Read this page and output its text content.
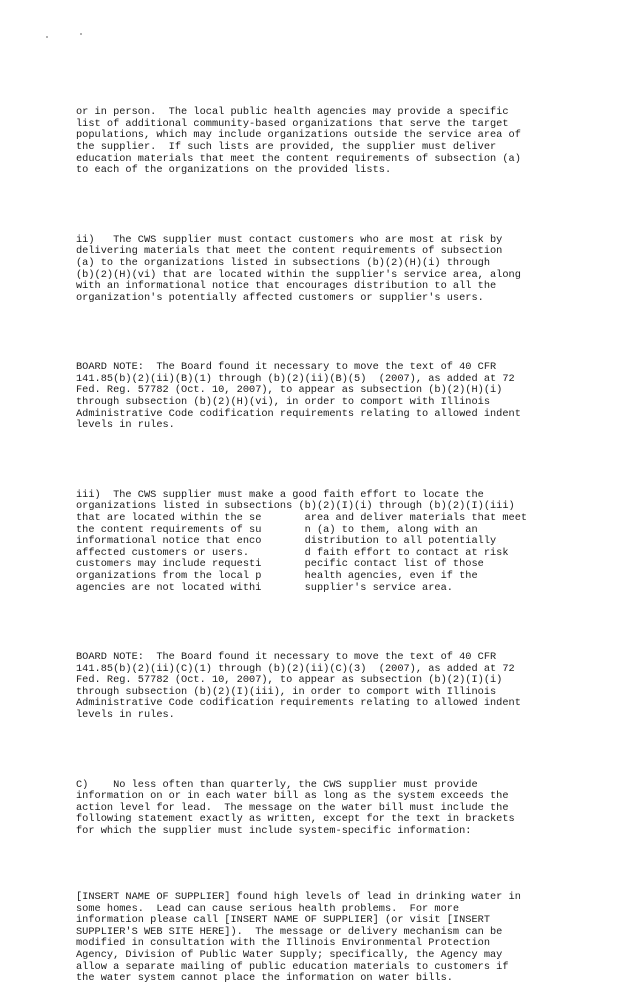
or in person.  The local public health agencies may provide a specific
list of additional community-based organizations that serve the target
populations, which may include organizations outside the service area of
the supplier.  If such lists are provided, the supplier must deliver
education materials that meet the content requirements of subsection (a)
to each of the organizations on the provided lists.

ii)   The CWS supplier must contact customers who are most at risk by
delivering materials that meet the content requirements of subsection
(a) to the organizations listed in subsections (b)(2)(H)(i) through
(b)(2)(H)(vi) that are located within the supplier's service area, along
with an informational notice that encourages distribution to all the
organization's potentially affected customers or supplier's users.

BOARD NOTE:  The Board found it necessary to move the text of 40 CFR
141.85(b)(2)(ii)(B)(1) through (b)(2)(ii)(B)(5)  (2007), as added at 72
Fed. Reg. 57782 (Oct. 10, 2007), to appear as subsection (b)(2)(H)(i)
through subsection (b)(2)(H)(vi), in order to comport with Illinois
Administrative Code codification requirements relating to allowed indent
levels in rules.

iii)  The CWS supplier must make a good faith effort to locate the
organizations listed in subsections (b)(2)(I)(i) through (b)(2)(I)(iii)
that are located within the se       area and deliver materials that meet
the content requirements of su       n (a) to them, along with an
informational notice that enco       distribution to all potentially
affected customers or users.         d faith effort to contact at risk
customers may include requesti       pecific contact list of those
organizations from the local p       health agencies, even if the
agencies are not located withi       supplier's service area.

BOARD NOTE:  The Board found it necessary to move the text of 40 CFR
141.85(b)(2)(ii)(C)(1) through (b)(2)(ii)(C)(3)  (2007), as added at 72
Fed. Reg. 57782 (Oct. 10, 2007), to appear as subsection (b)(2)(I)(i)
through subsection (b)(2)(I)(iii), in order to comport with Illinois
Administrative Code codification requirements relating to allowed indent
levels in rules.

C)    No less often than quarterly, the CWS supplier must provide
information on or in each water bill as long as the system exceeds the
action level for lead.  The message on the water bill must include the
following statement exactly as written, except for the text in brackets
for which the supplier must include system-specific information:

[INSERT NAME OF SUPPLIER] found high levels of lead in drinking water in
some homes.  Lead can cause serious health problems.  For more
information please call [INSERT NAME OF SUPPLIER] (or visit [INSERT
SUPPLIER'S WEB SITE HERE]).  The message or delivery mechanism can be
modified in consultation with the Illinois Environmental Protection
Agency, Division of Public Water Supply; specifically, the Agency may
allow a separate mailing of public education materials to customers if
the water system cannot place the information on water bills.
